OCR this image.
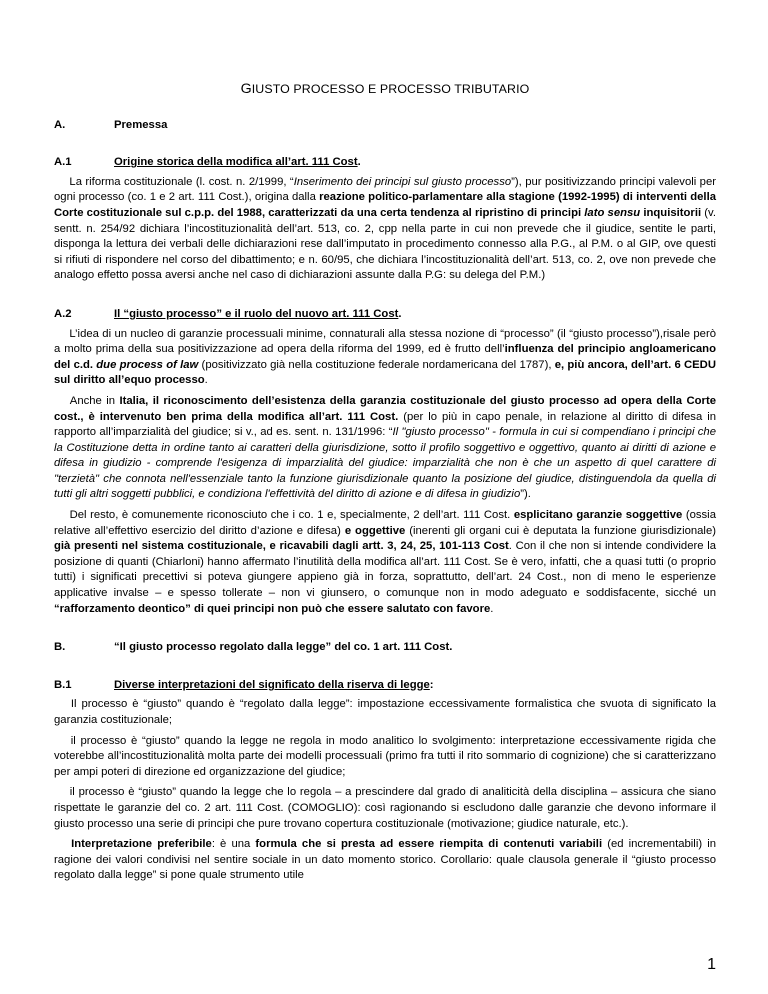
GIUSTO PROCESSO E PROCESSO TRIBUTARIO
A.	Premessa
A.1	Origine storica della modifica all’art. 111 Cost.

La riforma costituzionale (l. cost. n. 2/1999, “Inserimento dei principi sul giusto processo”), pur positivizzando principi valevoli per ogni processo (co. 1 e 2 art. 111 Cost.), origina dalla reazione politico-parlamentare alla stagione (1992-1995) di interventi della Corte costituzionale sul c.p.p. del 1988, caratterizzati da una certa tendenza al ripristino di principi lato sensu inquisitorii (v. sentt. n. 254/92 dichiara l’incostituzionalità dell’art. 513, co. 2, cpp nella parte in cui non prevede che il giudice, sentite le parti, disponga la lettura dei verbali delle dichiarazioni rese dall’imputato in procedimento connesso alla P.G., al P.M. o al GIP, ove questi si rifiuti di rispondere nel corso del dibattimento; e n. 60/95, che dichiara l’incostituzionalità dell’art. 513, co. 2, ove non prevede che analogo effetto possa aversi anche nel caso di dichiarazioni assunte dalla P.G: su delega del P.M.)

A.2	Il “giusto processo” e il ruolo del nuovo art. 111 Cost.

L’idea di un nucleo di garanzie processuali minime, connaturali alla stessa nozione di “processo” (il “giusto processo”),risale però a molto prima della sua positivizzazione ad opera della riforma del 1999, ed è frutto dell’influenza del principio angloamericano del c.d. due process of law (positivizzato già nella costituzione federale nordamericana del 1787), e, più ancora, dell’art. 6 CEDU sul diritto all’equo processo.

Anche in Italia, il riconoscimento dell’esistenza della garanzia costituzionale del giusto processo ad opera della Corte cost., è intervenuto ben prima della modifica all’art. 111 Cost. (per lo più in capo penale, in relazione al diritto di difesa in rapporto all’imparzialità del giudice; si v., ad es. sent. n. 131/1996: “Il "giusto processo" - formula in cui si compendiano i principi che la Costituzione detta in ordine tanto ai caratteri della giurisdizione, sotto il profilo soggettivo e oggettivo, quanto ai diritti di azione e difesa in giudizio - comprende l'esigenza di imparzialità del giudice: imparzialità che non è che un aspetto di quel carattere di "terzietà" che connota nell'essenziale tanto la funzione giurisdizionale quanto la posizione del giudice, distinguendola da quella di tutti gli altri soggetti pubblici, e condiziona l'effettività del diritto di azione e di difesa in giudizio”).

Del resto, è comunemente riconosciuto che i co. 1 e, specialmente, 2 dell’art. 111 Cost. esplicitano garanzie soggettive (ossia relative all’effettivo esercizio del diritto d’azione e difesa) e oggettive (inerenti gli organi cui è deputata la funzione giurisdizionale) già presenti nel sistema costituzionale, e ricavabili dagli artt. 3, 24, 25, 101-113 Cost. Con il che non si intende condividere la posizione di quanti (Chiarloni) hanno affermato l’inutilità della modifica all’art. 111 Cost. Se è vero, infatti, che a quasi tutti (o proprio tutti) i significati precettivi si poteva giungere appieno già in forza, soprattutto, dell’art. 24 Cost., non di meno le esperienze applicative invalse – e spesso tollerate – non vi giunsero, o comunque non in modo adeguato e soddisfacente, sicché un “rafforzamento deontico” di quei principi non può che essere salutato con favore.

B.	“Il giusto processo regolato dalla legge” del co. 1 art. 111 Cost.
B.1	Diverse interpretazioni del significato della riserva di legge:

Il processo è “giusto” quando è “regolato dalla legge”: impostazione eccessivamente formalistica che svuota di significato la garanzia costituzionale;

il processo è “giusto” quando la legge ne regola in modo analitico lo svolgimento: interpretazione eccessivamente rigida che voterebbe all’incostituzionalità molta parte dei modelli processuali (primo fra tutti il rito sommario di cognizione) che si caratterizzano per ampi poteri di direzione ed organizzazione del giudice;

il processo è “giusto” quando la legge che lo regola – a prescindere dal grado di analiticità della disciplina – assicura che siano rispettate le garanzie del co. 2 art. 111 Cost. (COMOGLIO): così ragionando si escludono dalle garanzie che devono informare il giusto processo una serie di principi che pure trovano copertura costituzionale (motivazione; giudice naturale, etc.).

Interpretazione preferibile: è una formula che si presta ad essere riempita di contenuti variabili (ed incrementabili) in ragione dei valori condivisi nel sentire sociale in un dato momento storico. Corollario: quale clausola generale il “giusto processo regolato dalla legge” si pone quale strumento utile

1
